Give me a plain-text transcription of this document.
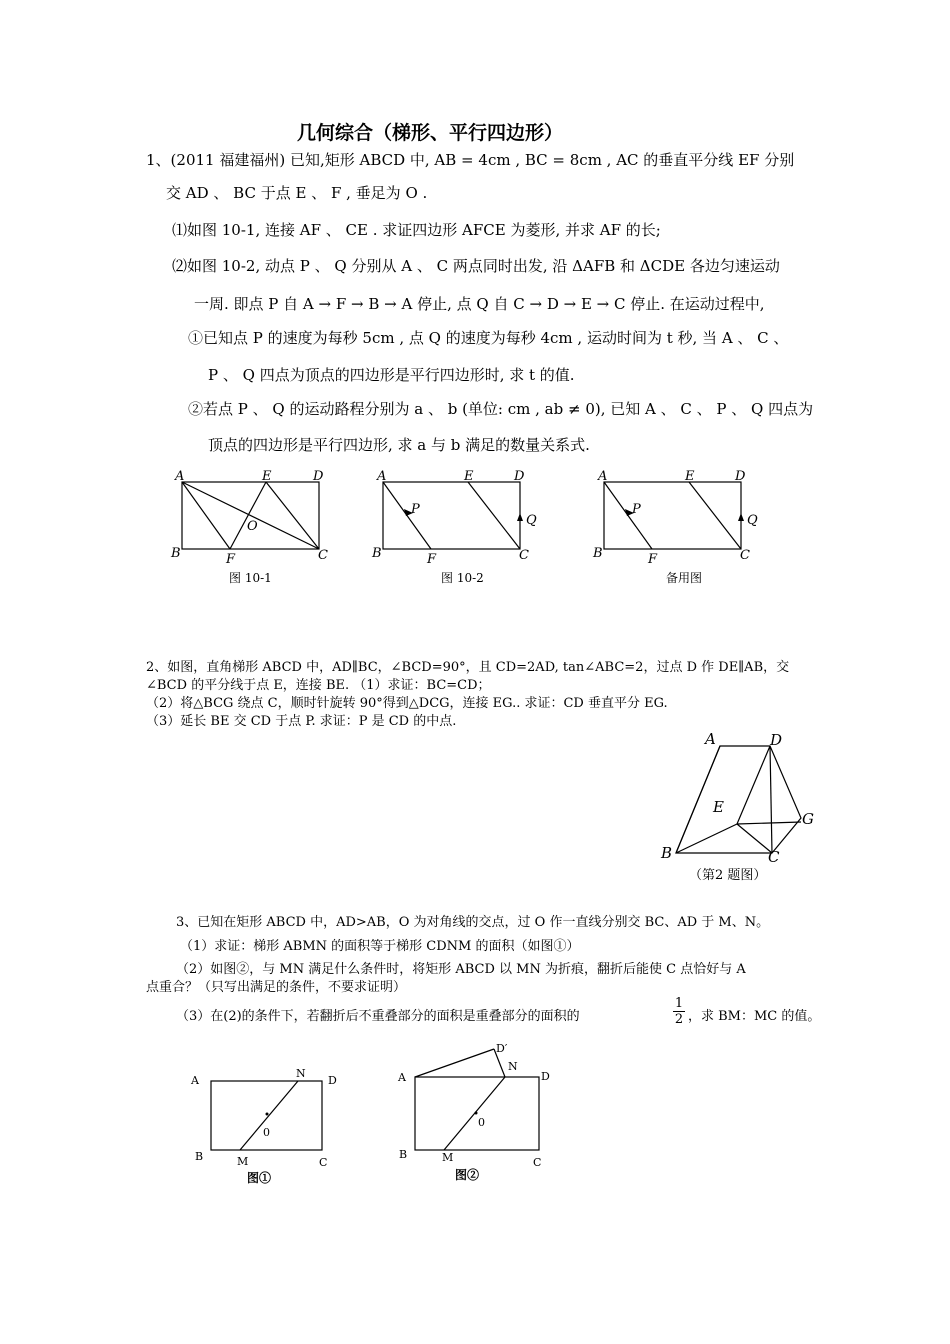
几何综合（梯形、平行四边形）
1、(2011 福建福州) 已知,矩形 ABCD 中, AB = 4cm , BC = 8cm , AC 的垂直平分线 EF 分别
交 AD 、 BC 于点 E 、 F , 垂足为 O .
⑴如图 10-1, 连接 AF 、 CE . 求证四边形 AFCE 为菱形, 并求 AF 的长;
⑵如图 10-2, 动点 P 、 Q 分别从 A 、 C 两点同时出发, 沿 ΔAFB 和 ΔCDE 各边匀速运动
一周. 即点 P 自 A → F → B → A 停止, 点 Q 自 C → D → E → C 停止. 在运动过程中,
①已知点 P 的速度为每秒 5cm , 点 Q 的速度为每秒 4cm , 运动时间为 t 秒, 当 A 、 C 、
P 、 Q 四点为顶点的四边形是平行四边形时, 求 t 的值.
②若点 P 、 Q 的运动路程分别为 a 、 b (单位: cm , ab ≠ 0), 已知 A 、 C 、 P 、 Q 四点为
顶点的四边形是平行四边形, 求 a 与 b 满足的数量关系式.
2、如图，直角梯形 ABCD 中，AD∥BC，∠BCD=90°，且 CD=2AD, tan∠ABC=2，过点 D 作 DE∥AB，交
∠BCD 的平分线于点 E，连接 BE. （1）求证：BC=CD；
（2）将△BCG 绕点 C，顺时针旋转 90°得到△DCG，连接 EG.. 求证：CD 垂直平分 EG.
（3）延长 BE 交 CD 于点 P. 求证：P 是 CD 的中点.
3、已知在矩形 ABCD 中，AD>AB，O 为对角线的交点，过 O 作一直线分别交 BC、AD 于 M、N。
（1）求证：梯形 ABMN 的面积等于梯形 CDNM 的面积（如图①）
（2）如图②，与 MN 满足什么条件时，将矩形 ABCD 以 MN 为折痕，翻折后能使 C 点恰好与 A
点重合？（只写出满足的条件，不要求证明）
（3）在(2)的条件下，若翻折后不重叠部分的面积是重叠部分的面积的	$\frac{1}{2}$ ，求 BM：MC 的值。
A	E	D
B	F	C
O
A	E	D
B	F	C
P
Q
A	E	D
B	F	C
P
Q
图 10-1	图 10-2	备用图
A	D
E
G
B	C
（第2 题图）
A
N
D
0
B	M	C
A
D′
N
D
0
B	M	C
图①	图②
